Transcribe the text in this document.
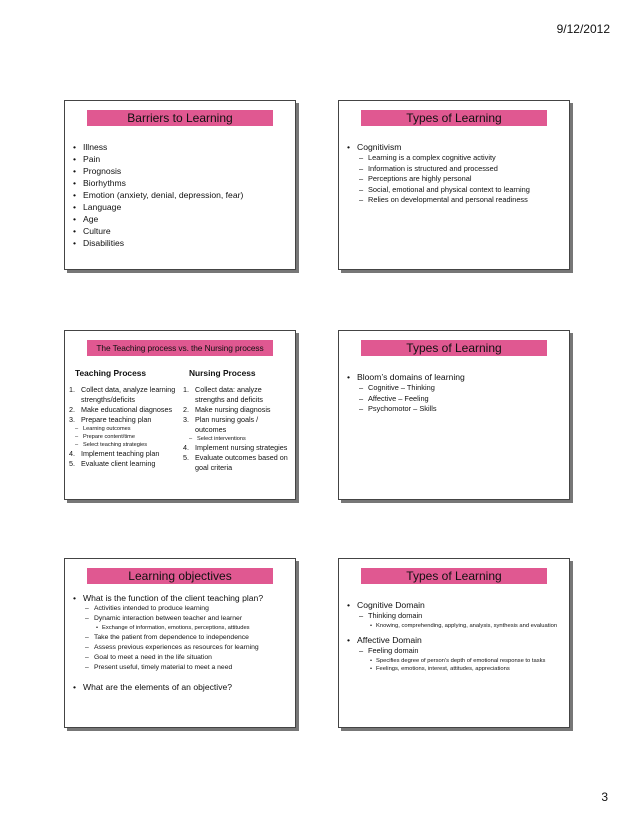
9/12/2012
Barriers to Learning
• Illness
• Pain
• Prognosis
• Biorhythms
• Emotion (anxiety, denial, depression, fear)
• Language
• Age
• Culture
• Disabilities
Types of Learning
• Cognitivism
– Learning is a complex cognitive activity
– Information is structured and processed
– Perceptions are highly personal
– Social, emotional and physical context to learning
– Relies on developmental and personal readiness
The Teaching process vs. the Nursing process
Teaching Process
1. Collect data, analyze learning strengths/deficits
2. Make educational diagnoses
3. Prepare teaching plan
– Learning outcomes
– Prepare content/time
– Select teaching strategies
4. Implement teaching plan
5. Evaluate client learning
Nursing Process
1. Collect data: analyze strengths and deficits
2. Make nursing diagnosis
3. Plan nursing goals / outcomes
– Select interventions
4. Implement nursing strategies
5. Evaluate outcomes based on goal criteria
Types of Learning
• Bloom’s domains of learning
– Cognitive – Thinking
– Affective – Feeling
– Psychomotor – Skills
Learning objectives
• What is the function of the client teaching plan?
– Activities intended to produce learning
– Dynamic interaction between teacher and learner
• Exchange of information, emotions, perceptions, attitudes
– Take the patient from dependence to independence
– Assess previous experiences as resources for learning
– Goal to meet a need in the life situation
– Present useful, timely material to meet a need
• What are the elements of an objective?
Types of Learning
• Cognitive Domain
– Thinking domain
• Knowing, comprehending, applying, analysis, synthesis and evaluation
• Affective Domain
– Feeling domain
• Specifies degree of person’s depth of emotional response to tasks
• Feelings, emotions, interest, attitudes, appreciations
3
